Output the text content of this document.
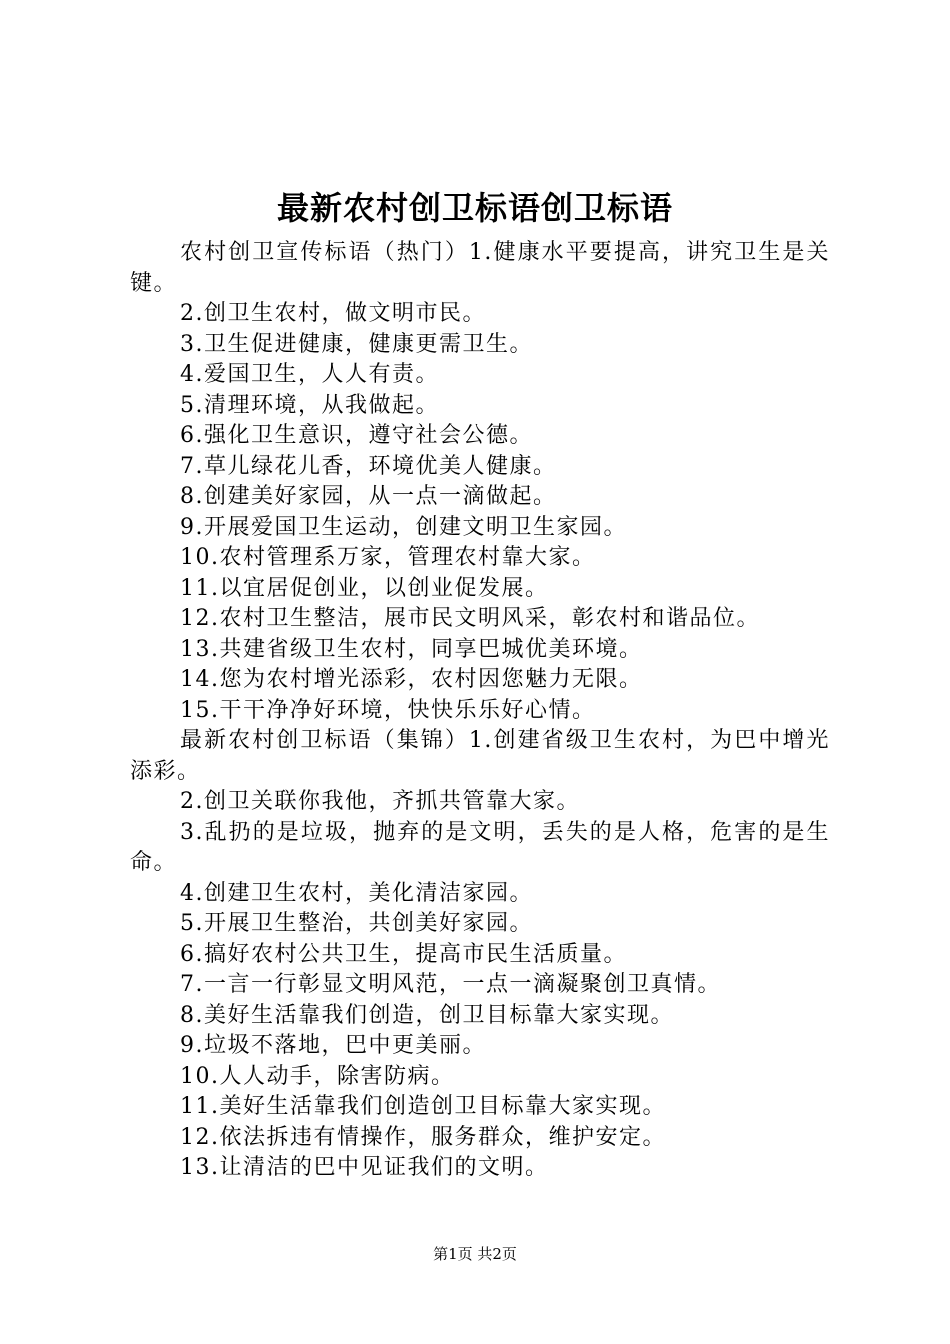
最新农村创卫标语创卫标语

农村创卫宣传标语（热门）1.健康水平要提高，讲究卫生是关键。

2.创卫生农村，做文明市民。

3.卫生促进健康，健康更需卫生。

4.爱国卫生，人人有责。

5.清理环境，从我做起。

6.强化卫生意识，遵守社会公德。

7.草儿绿花儿香，环境优美人健康。

8.创建美好家园，从一点一滴做起。

9.开展爱国卫生运动，创建文明卫生家园。

10.农村管理系万家，管理农村靠大家。

11.以宜居促创业，以创业促发展。

12.农村卫生整洁，展市民文明风采，彰农村和谐品位。

13.共建省级卫生农村，同享巴城优美环境。

14.您为农村增光添彩，农村因您魅力无限。

15.干干净净好环境，快快乐乐好心情。

最新农村创卫标语（集锦）1.创建省级卫生农村，为巴中增光添彩。

2.创卫关联你我他，齐抓共管靠大家。

3.乱扔的是垃圾，抛弃的是文明，丢失的是人格，危害的是生命。

4.创建卫生农村，美化清洁家园。

5.开展卫生整治，共创美好家园。

6.搞好农村公共卫生，提高市民生活质量。

7.一言一行彰显文明风范，一点一滴凝聚创卫真情。

8.美好生活靠我们创造，创卫目标靠大家实现。

9.垃圾不落地，巴中更美丽。

10.人人动手，除害防病。

11.美好生活靠我们创造创卫目标靠大家实现。

12.依法拆违有情操作，服务群众，维护安定。

13.让清洁的巴中见证我们的文明。

第1页 共2页
